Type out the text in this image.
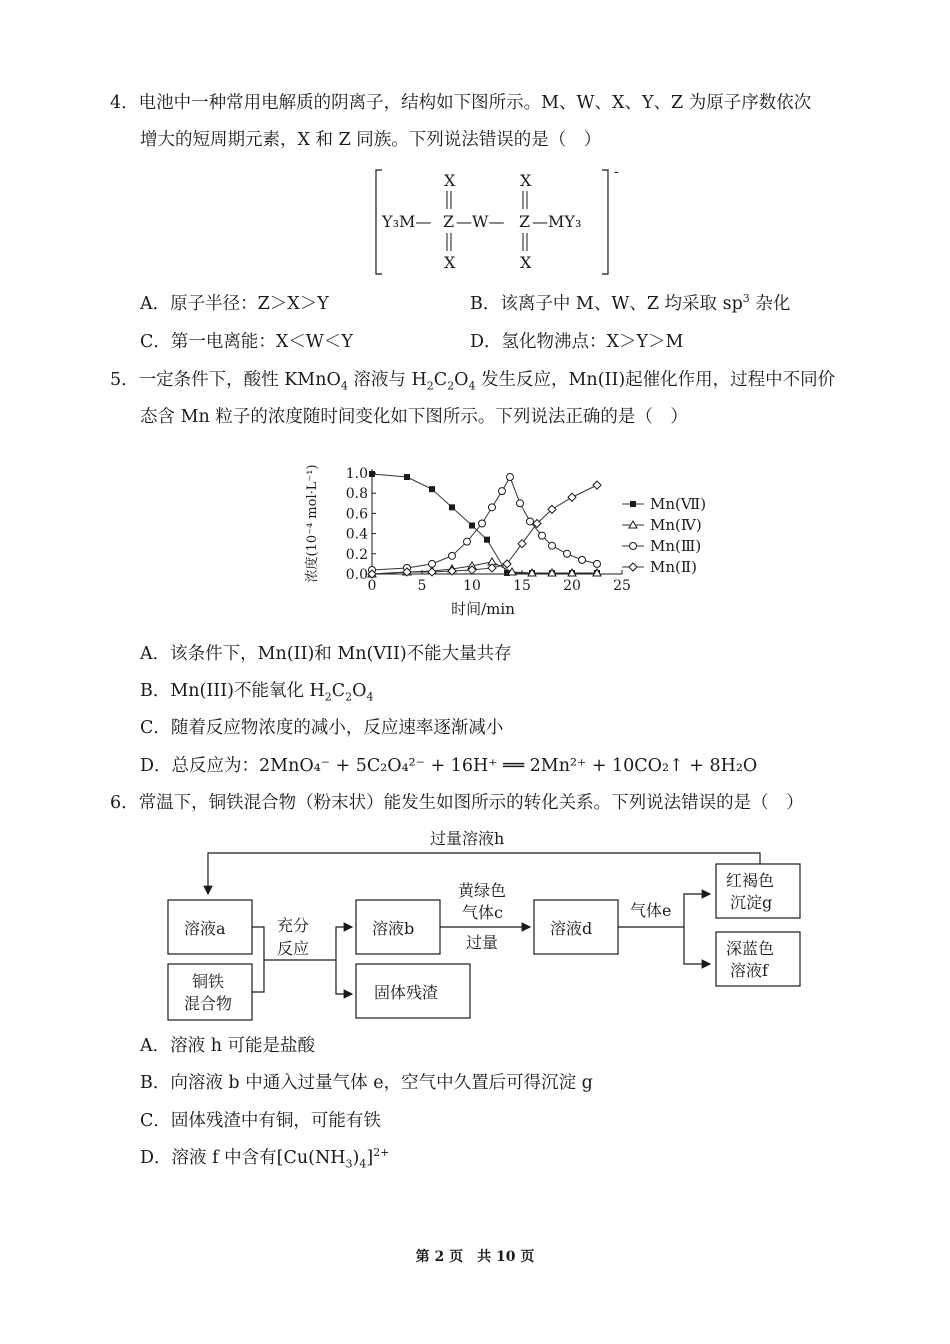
4．电池中一种常用电解质的阴离子，结构如下图所示。M、W、X、Y、Z 为原子序数依次
增大的短周期元素，X 和 Z 同族。下列说法错误的是（　）
-
X	X
Y₃M— Z —W— Z —MY₃
X	X
A．原子半径：Z＞X＞Y	B．该离子中 M、W、Z 均采取 $sp^3$ 杂化
C．第一电离能：X＜W＜Y	D．氢化物沸点：X＞Y＞M
5．一定条件下，酸性 KMnO$_4$ 溶液与 $H_2C_2O_4$ 发生反应，Mn(II)起催化作用，过程中不同价
态含 Mn 粒子的浓度随时间变化如下图所示。下列说法正确的是（　）
0	5	10 15 20 25
0.0
0.2
0.4
0.6
0.8
1.0
时间/min
浓度(10⁻⁴ mol·L⁻¹)	Mn(Ⅶ)
Mn(Ⅳ)
Mn(Ⅲ)
Mn(Ⅱ)
A．该条件下，Mn(II)和 Mn(VII)不能大量共存
B．Mn(III)不能氧化 $H_2C_2O_4$
C．随着反应物浓度的减小，反应速率逐渐减小
D．总反应为：2MnO₄⁻ + 5C₂O₄²⁻ + 16H⁺ ══ 2Mn²⁺ + 10CO₂↑ + 8H₂O
6．常温下，铜铁混合物（粉末状）能发生如图所示的转化关系。下列说法错误的是（　）
过量溶液h
溶液a
铜铁
混合物
充分
反应
溶液b
固体残渣
黄绿色
气体c
过量
溶液d
气体e
红褐色
沉淀g
深蓝色
溶液f
A．溶液 h 可能是盐酸
B．向溶液 b 中通入过量气体 e，空气中久置后可得沉淀 g
C．固体残渣中有铜，可能有铁
D．溶液 f 中含有$[Cu(NH_3)_4]^{2+}$
第 2 页　共 10 页
